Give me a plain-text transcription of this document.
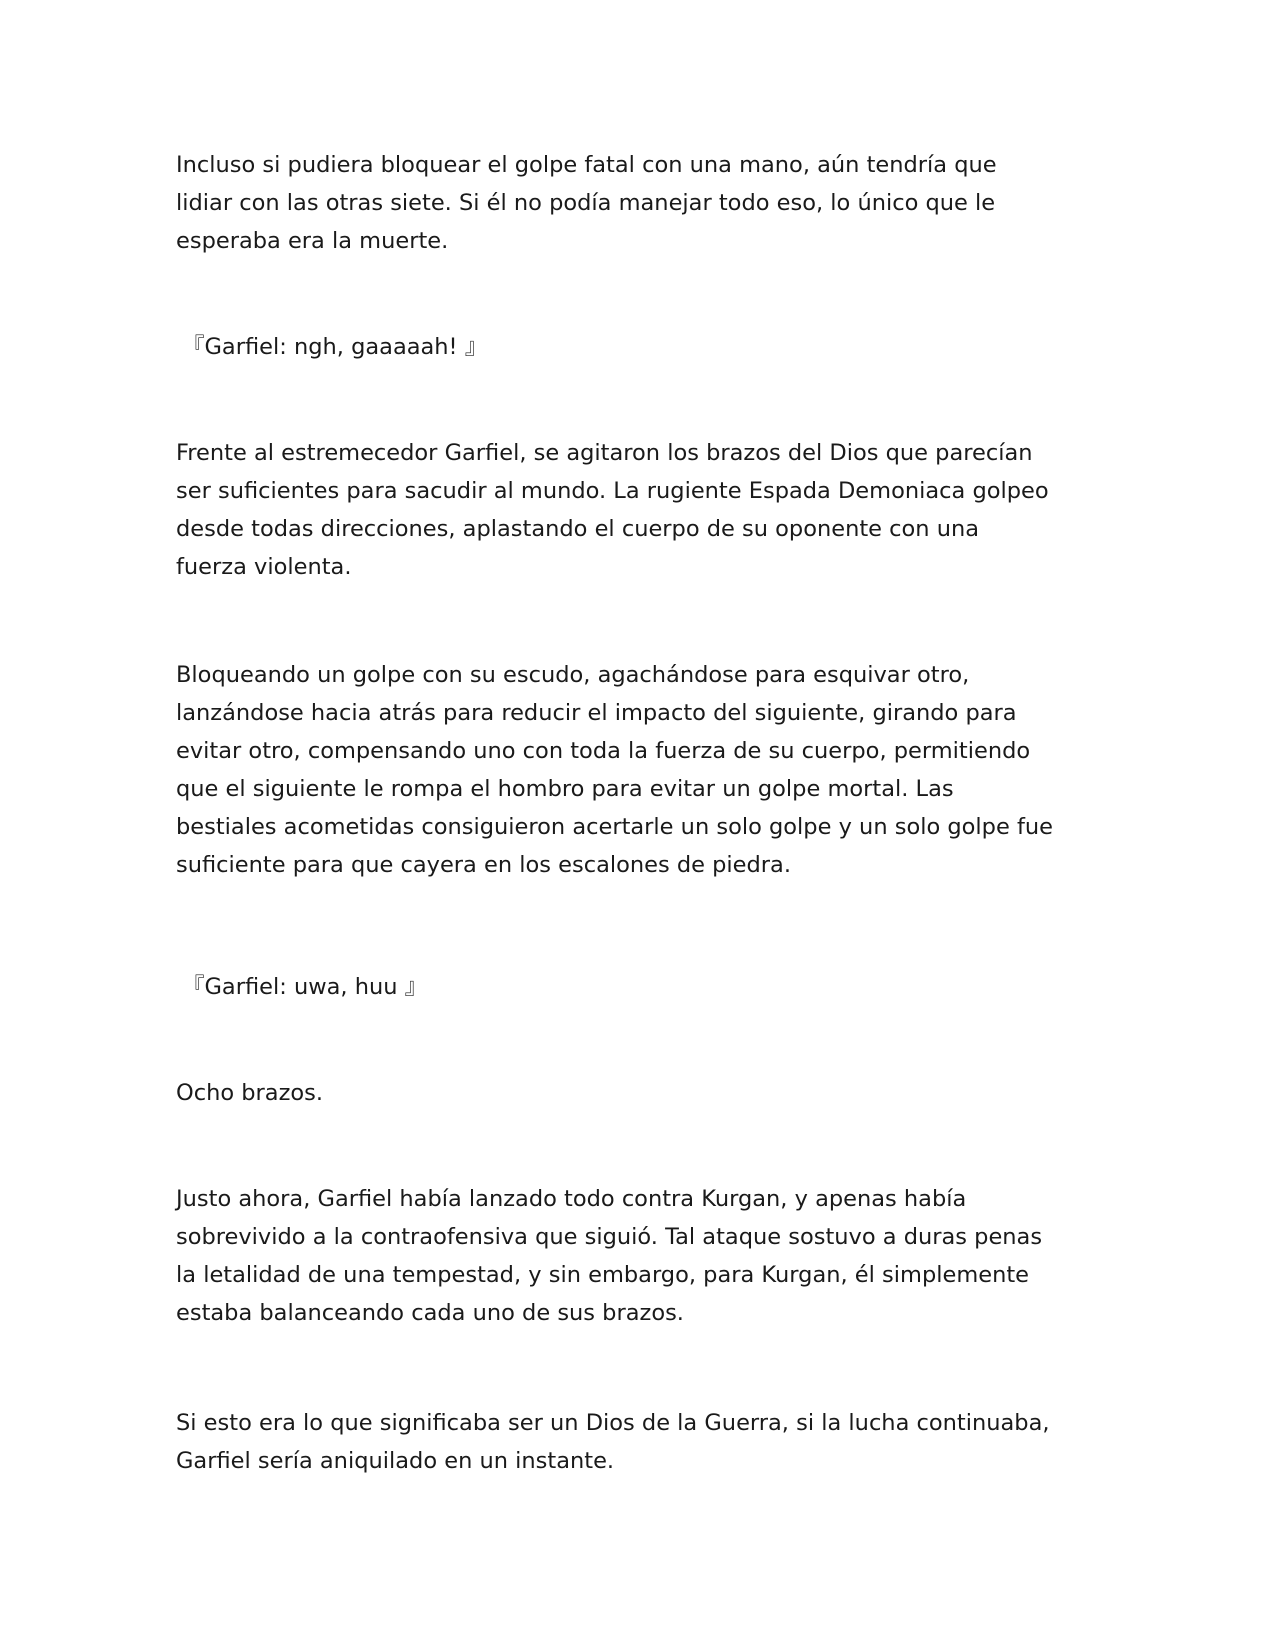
Incluso si pudiera bloquear el golpe fatal con una mano, aún tendría que
lidiar con las otras siete. Si él no podía manejar todo eso, lo único que le
esperaba era la muerte.

『Garfiel: ngh, gaaaaah! 』

Frente al estremecedor Garfiel, se agitaron los brazos del Dios que parecían
ser suficientes para sacudir al mundo. La rugiente Espada Demoniaca golpeo
desde todas direcciones, aplastando el cuerpo de su oponente con una
fuerza violenta.

Bloqueando un golpe con su escudo, agachándose para esquivar otro,
lanzándose hacia atrás para reducir el impacto del siguiente, girando para
evitar otro, compensando uno con toda la fuerza de su cuerpo, permitiendo
que el siguiente le rompa el hombro para evitar un golpe mortal. Las
bestiales acometidas consiguieron acertarle un solo golpe y un solo golpe fue
suficiente para que cayera en los escalones de piedra.

『Garfiel: uwa, huu 』

Ocho brazos.

Justo ahora, Garfiel había lanzado todo contra Kurgan, y apenas había
sobrevivido a la contraofensiva que siguió. Tal ataque sostuvo a duras penas
la letalidad de una tempestad, y sin embargo, para Kurgan, él simplemente
estaba balanceando cada uno de sus brazos.

Si esto era lo que significaba ser un Dios de la Guerra, si la lucha continuaba,
Garfiel sería aniquilado en un instante.
